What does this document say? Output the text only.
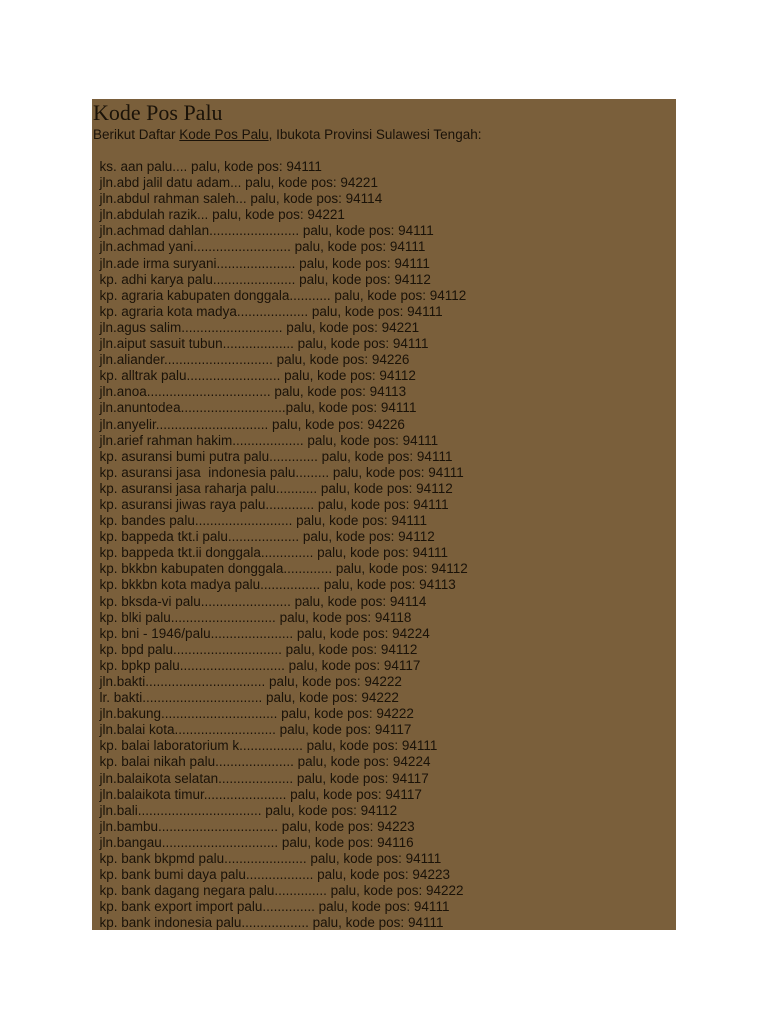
Kode Pos Palu

Berikut Daftar Kode Pos Palu, Ibukota Provinsi Sulawesi Tengah:

ks. aan palu.... palu, kode pos: 94111
jln.abd jalil datu adam... palu, kode pos: 94221
jln.abdul rahman saleh... palu, kode pos: 94114
jln.abdulah razik... palu, kode pos: 94221
jln.achmad dahlan........................ palu, kode pos: 94111
jln.achmad yani.......................... palu, kode pos: 94111
jln.ade irma suryani..................... palu, kode pos: 94111
kp. adhi karya palu...................... palu, kode pos: 94112
kp. agraria kabupaten donggala........... palu, kode pos: 94112
kp. agraria kota madya................... palu, kode pos: 94111
jln.agus salim........................... palu, kode pos: 94221
jln.aiput sasuit tubun................... palu, kode pos: 94111
jln.aliander............................. palu, kode pos: 94226
kp. alltrak palu......................... palu, kode pos: 94112
jln.anoa................................. palu, kode pos: 94113
jln.anuntodea............................palu, kode pos: 94111
jln.anyelir.............................. palu, kode pos: 94226
jln.arief rahman hakim................... palu, kode pos: 94111
kp. asuransi bumi putra palu............. palu, kode pos: 94111
kp. asuransi jasa  indonesia palu......... palu, kode pos: 94111
kp. asuransi jasa raharja palu........... palu, kode pos: 94112
kp. asuransi jiwas raya palu............. palu, kode pos: 94111
kp. bandes palu.......................... palu, kode pos: 94111
kp. bappeda tkt.i palu................... palu, kode pos: 94112
kp. bappeda tkt.ii donggala.............. palu, kode pos: 94111
kp. bkkbn kabupaten donggala............. palu, kode pos: 94112
kp. bkkbn kota madya palu................ palu, kode pos: 94113
kp. bksda-vi palu........................ palu, kode pos: 94114
kp. blki palu............................ palu, kode pos: 94118
kp. bni - 1946/palu...................... palu, kode pos: 94224
kp. bpd palu............................. palu, kode pos: 94112
kp. bpkp palu............................ palu, kode pos: 94117
jln.bakti................................ palu, kode pos: 94222
lr. bakti................................ palu, kode pos: 94222
jln.bakung............................... palu, kode pos: 94222
jln.balai kota........................... palu, kode pos: 94117
kp. balai laboratorium k................. palu, kode pos: 94111
kp. balai nikah palu..................... palu, kode pos: 94224
jln.balaikota selatan.................... palu, kode pos: 94117
jln.balaikota timur...................... palu, kode pos: 94117
jln.bali................................. palu, kode pos: 94112
jln.bambu................................ palu, kode pos: 94223
jln.bangau............................... palu, kode pos: 94116
kp. bank bkpmd palu...................... palu, kode pos: 94111
kp. bank bumi daya palu.................. palu, kode pos: 94223
kp. bank dagang negara palu.............. palu, kode pos: 94222
kp. bank export import palu.............. palu, kode pos: 94111
kp. bank indonesia palu.................. palu, kode pos: 94111
